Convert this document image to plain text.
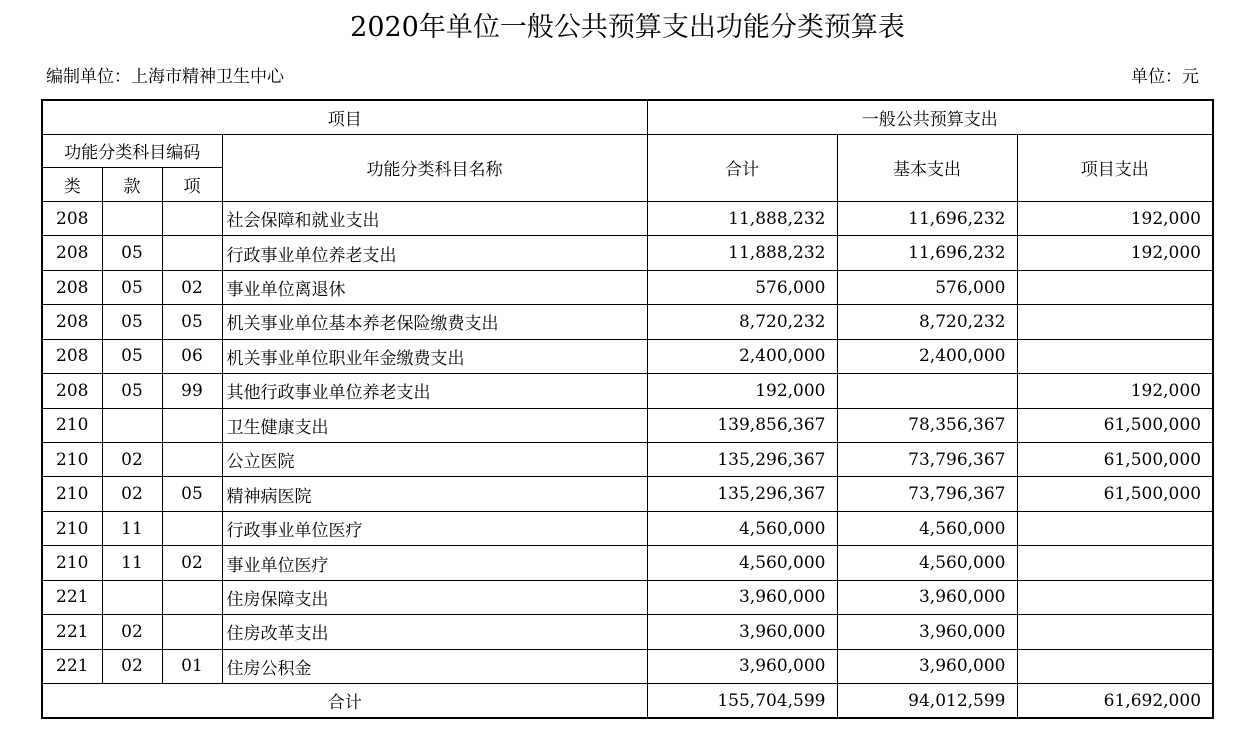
2020年单位一般公共预算支出功能分类预算表
编制单位：上海市精神卫生中心	单位：元
项目				一般公共预算支出		
功能分类科目编码			功能分类科目名称	合计	基本支出	项目支出
类	款	项				
208			社会保障和就业支出	11,888,232	11,696,232	192,000
208	05		行政事业单位养老支出	11,888,232	11,696,232	192,000
208	05	02	事业单位离退休	576,000	576,000	
208	05	05	机关事业单位基本养老保险缴费支出	8,720,232	8,720,232	
208	05	06	机关事业单位职业年金缴费支出	2,400,000	2,400,000	
208	05	99	其他行政事业单位养老支出	192,000		192,000
210			卫生健康支出	139,856,367	78,356,367	61,500,000
210	02		公立医院	135,296,367	73,796,367	61,500,000
210	02	05	精神病医院	135,296,367	73,796,367	61,500,000
210	11		行政事业单位医疗	4,560,000	4,560,000	
210	11	02	事业单位医疗	4,560,000	4,560,000	
221			住房保障支出	3,960,000	3,960,000	
221	02		住房改革支出	3,960,000	3,960,000	
221	02	01	住房公积金	3,960,000	3,960,000	
合计				155,704,599	94,012,599	61,692,000
